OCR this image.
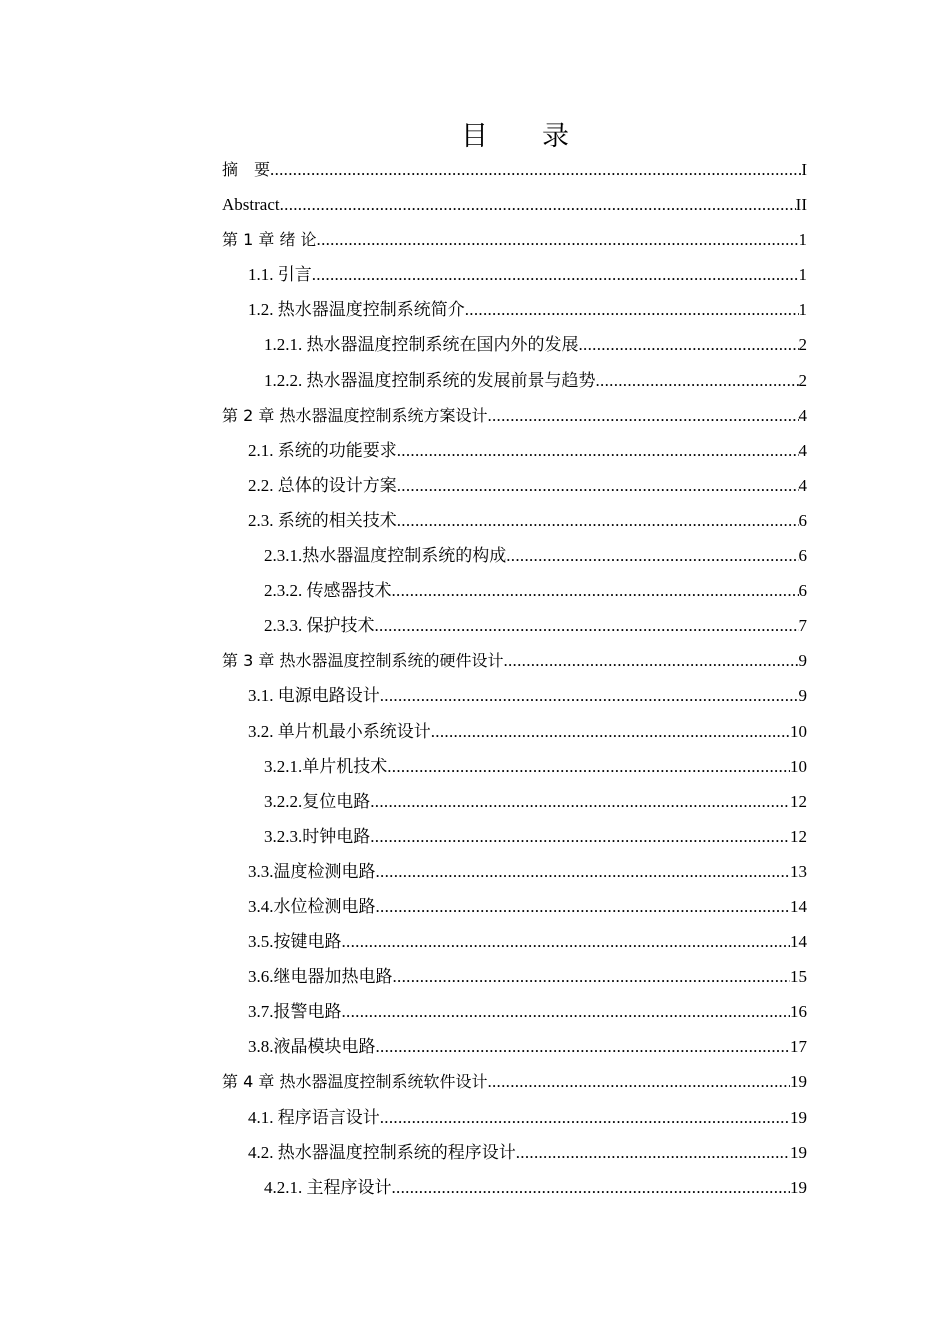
目 录
摘　要 .....	I
Abstract .....	II
第 1 章 绪 论 .....	1
1.1. 引言 .....	1
1.2. 热水器温度控制系统简介 .....	1
1.2.1. 热水器温度控制系统在国内外的发展 .....	2
1.2.2. 热水器温度控制系统的发展前景与趋势 .....	2
第 2 章 热水器温度控制系统方案设计 .....	4
2.1. 系统的功能要求 .....	4
2.2. 总体的设计方案 .....	4
2.3. 系统的相关技术 .....	6
2.3.1.热水器温度控制系统的构成 .....	6
2.3.2. 传感器技术 .....	6
2.3.3. 保护技术 .....	7
第 3 章 热水器温度控制系统的硬件设计 .....	9
3.1. 电源电路设计 .....	9
3.2. 单片机最小系统设计 .....	10
3.2.1.单片机技术 .....	10
3.2.2.复位电路 .....	12
3.2.3.时钟电路 .....	12
3.3.温度检测电路 .....	13
3.4.水位检测电路 .....	14
3.5.按键电路 .....	14
3.6.继电器加热电路 .....	15
3.7.报警电路 .....	16
3.8.液晶模块电路 .....	17
第 4 章 热水器温度控制系统软件设计 .....	19
4.1. 程序语言设计 .....	19
4.2. 热水器温度控制系统的程序设计 .....	19
4.2.1. 主程序设计 .....	19
